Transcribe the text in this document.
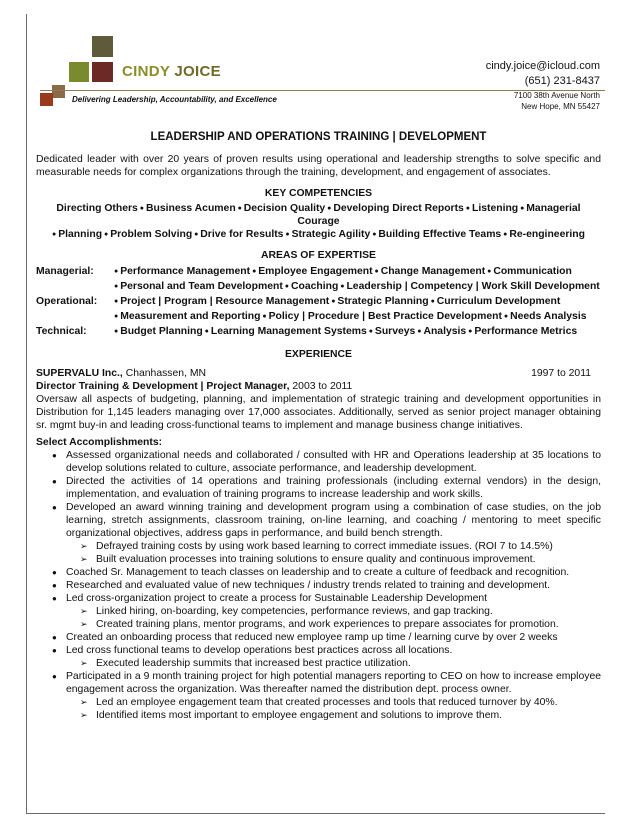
CINDY JOICE
Delivering Leadership, Accountability, and Excellence
cindy.joice@icloud.com
(651) 231-8437
7100 38th Avenue North
New Hope, MN 55427
LEADERSHIP AND OPERATIONS TRAINING | DEVELOPMENT
Dedicated leader with over 20 years of proven results using operational and leadership strengths to solve specific and measurable needs for complex organizations through the training, development, and engagement of associates.
KEY COMPETENCIES
Directing Others ● Business Acumen ● Decision Quality ● Developing Direct Reports ● Listening ● Managerial Courage
● Planning ● Problem Solving ● Drive for Results ● Strategic Agility ● Building Effective Teams ● Re-engineering
AREAS OF EXPERTISE
Managerial:	● Performance Management ● Employee Engagement ● Change Management ● Communication
● Personal and Team Development ● Coaching ● Leadership | Competency | Work Skill Development
Operational:	● Project | Program | Resource Management ● Strategic Planning ● Curriculum Development
● Measurement and Reporting ● Policy | Procedure | Best Practice Development ● Needs Analysis
Technical:	● Budget Planning ● Learning Management Systems ● Surveys ● Analysis ● Performance Metrics
EXPERIENCE
SUPERVALU Inc., Chanhassen, MN	1997 to 2011
Director Training & Development | Project Manager, 2003 to 2011
Oversaw all aspects of budgeting, planning, and implementation of strategic training and development opportunities in Distribution for 1,145 leaders managing over 17,000 associates. Additionally, served as senior project manager obtaining sr. mgmt buy-in and leading cross-functional teams to implement and manage business change initiatives.
Select Accomplishments:
● Assessed organizational needs and collaborated / consulted with HR and Operations leadership at 35 locations to develop solutions related to culture, associate performance, and leadership development.
● Directed the activities of 14 operations and training professionals (including external vendors) in the design, implementation, and evaluation of training programs to increase leadership and work skills.
● Developed an award winning training and development program using a combination of case studies, on the job learning, stretch assignments, classroom training, on-line learning, and coaching / mentoring to meet specific organizational objectives, address gaps in performance, and build bench strength.
➢ Defrayed training costs by using work based learning to correct immediate issues. (ROI 7 to 14.5%)
➢ Built evaluation processes into training solutions to ensure quality and continuous improvement.
● Coached Sr. Management to teach classes on leadership and to create a culture of feedback and recognition.
● Researched and evaluated value of new techniques / industry trends related to training and development.
● Led cross-organization project to create a process for Sustainable Leadership Development
➢ Linked hiring, on-boarding, key competencies, performance reviews, and gap tracking.
➢ Created training plans, mentor programs, and work experiences to prepare associates for promotion.
● Created an onboarding process that reduced new employee ramp up time / learning curve by over 2 weeks
● Led cross functional teams to develop operations best practices across all locations.
➢ Executed leadership summits that increased best practice utilization.
● Participated in a 9 month training project for high potential managers reporting to CEO on how to increase employee engagement across the organization. Was thereafter named the distribution dept. process owner.
➢ Led an employee engagement team that created processes and tools that reduced turnover by 40%.
➢ Identified items most important to employee engagement and solutions to improve them.
